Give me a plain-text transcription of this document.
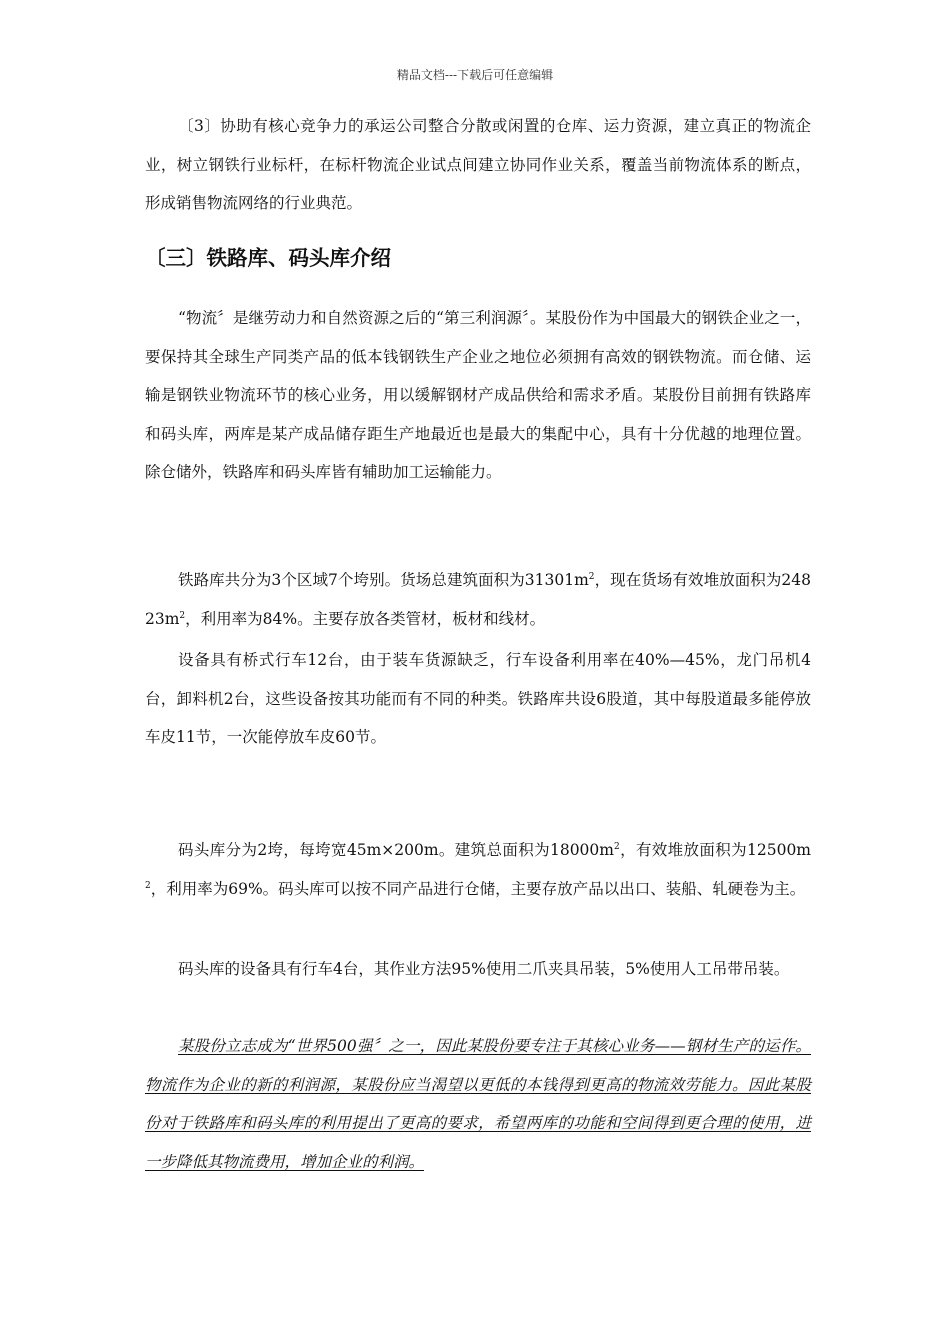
精品文档---下载后可任意编辑

〔3〕协助有核心竞争力的承运公司整合分散或闲置的仓库、运力资源，建立真正的物流企业，树立钢铁行业标杆，在标杆物流企业试点间建立协同作业关系，覆盖当前物流体系的断点，形成销售物流网络的行业典范。

〔三〕铁路库、码头库介绍

“物流〞是继劳动力和自然资源之后的“第三利润源〞。某股份作为中国最大的钢铁企业之一，要保持其全球生产同类产品的低本钱钢铁生产企业之地位必须拥有高效的钢铁物流。而仓储、运输是钢铁业物流环节的核心业务，用以缓解钢材产成品供给和需求矛盾。某股份目前拥有铁路库和码头库，两库是某产成品储存距生产地最近也是最大的集配中心，具有十分优越的地理位置。除仓储外，铁路库和码头库皆有辅助加工运输能力。

铁路库共分为3个区域7个垮别。货场总建筑面积为$31301m^2$，现在货场有效堆放面积为$24823m^2$，利用率为84%。主要存放各类管材，板材和线材。

设备具有桥式行车12台，由于装车货源缺乏，行车设备利用率在40%—45%，龙门吊机4台，卸料机2台，这些设备按其功能而有不同的种类。铁路库共设6股道，其中每股道最多能停放车皮11节，一次能停放车皮60节。

码头库分为2垮，每垮宽45m×200m。建筑总面积为$18000m^2$，有效堆放面积为$12500m^2$，利用率为69%。码头库可以按不同产品进行仓储，主要存放产品以出口、装船、轧硬卷为主。

码头库的设备具有行车4台，其作业方法95%使用二爪夹具吊装，5%使用人工吊带吊装。

某股份立志成为“世界500强〞之一，因此某股份要专注于其核心业务——钢材生产的运作。物流作为企业的新的利润源，某股份应当渴望以更低的本钱得到更高的物流效劳能力。因此某股份对于铁路库和码头库的利用提出了更高的要求，希望两库的功能和空间得到更合理的使用，进一步降低其物流费用，增加企业的利润。
